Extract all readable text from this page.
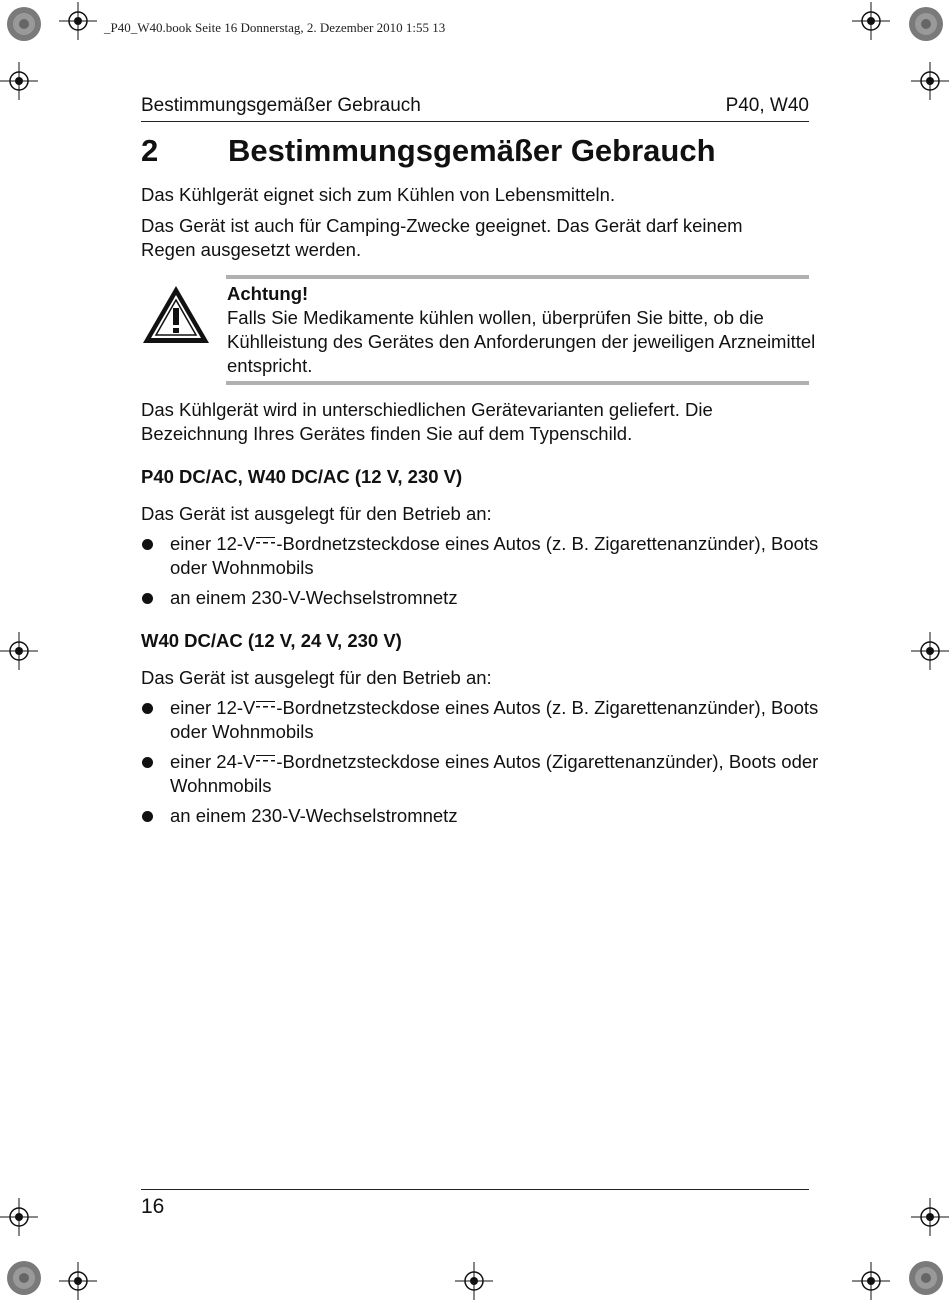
_P40_W40.book Seite 16 Donnerstag, 2. Dezember 2010 1:55 13
Bestimmungsgemäßer Gebrauch	P40, W40
2 Bestimmungsgemäßer Gebrauch
Das Kühlgerät eignet sich zum Kühlen von Lebensmitteln.
Das Gerät ist auch für Camping-Zwecke geeignet. Das Gerät darf keinem Regen ausgesetzt werden.
Achtung!
Falls Sie Medikamente kühlen wollen, überprüfen Sie bitte, ob die Kühlleistung des Gerätes den Anforderungen der jeweiligen Arzneimittel entspricht.
Das Kühlgerät wird in unterschiedlichen Gerätevarianten geliefert. Die Bezeichnung Ihres Gerätes finden Sie auf dem Typenschild.
P40 DC/AC, W40 DC/AC (12 V, 230 V)
Das Gerät ist ausgelegt für den Betrieb an:
einer 12-V -Bordnetzsteckdose eines Autos (z. B. Zigarettenanzünder), Boots oder Wohnmobils
an einem 230-V-Wechselstromnetz
W40 DC/AC (12 V, 24 V, 230 V)
Das Gerät ist ausgelegt für den Betrieb an:
einer 12-V -Bordnetzsteckdose eines Autos (z. B. Zigarettenanzünder), Boots oder Wohnmobils
einer 24-V -Bordnetzsteckdose eines Autos (Zigarettenanzünder), Boots oder Wohnmobils
an einem 230-V-Wechselstromnetz
16
